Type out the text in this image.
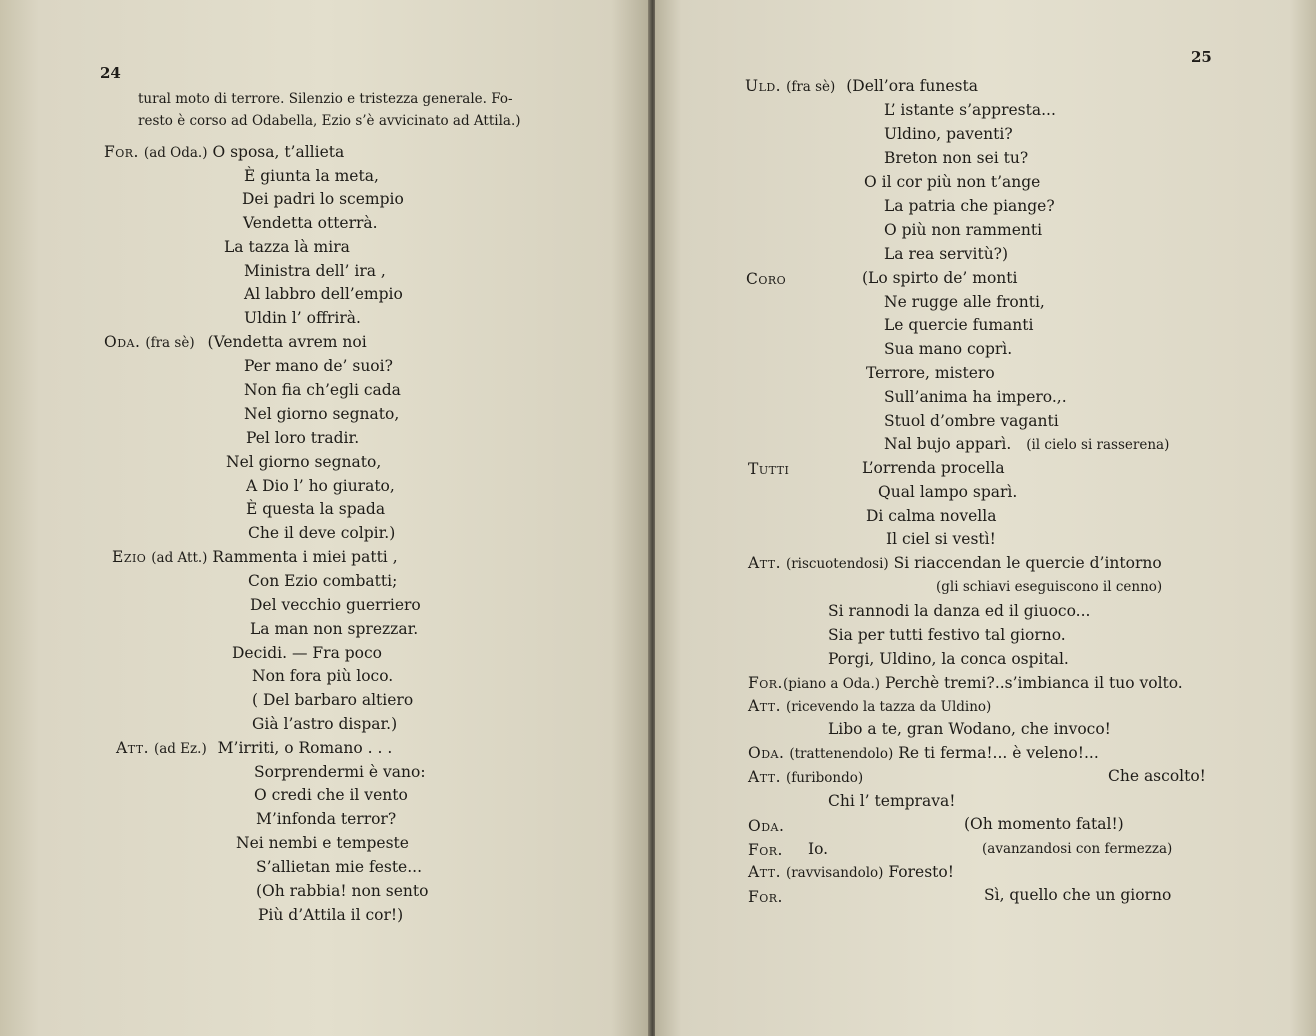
24
tural moto di terrore. Silenzio e tristezza generale. Fo-
resto è corso ad Odabella, Ezio s’è avvicinato ad Attila.)
For. (ad Oda.) O sposa, t’allieta
È giunta la meta,
Dei padri lo scempio
Vendetta otterrà.
La tazza là mira
Ministra dell’ ira ,
Al labbro dell’empio
Uldin l’ offrirà.
Oda. (fra sè) (Vendetta avrem noi
Per mano de’ suoi?
Non fia ch’egli cada
Nel giorno segnato,
Pel loro tradir.
Nel giorno segnato,
A Dio l’ ho giurato,
È questa la spada
Che il deve colpir.)
Ezio (ad Att.) Rammenta i miei patti ,
Con Ezio combatti;
Del vecchio guerriero
La man non sprezzar.
Decidi. — Fra poco
Non fora più loco.
( Del barbaro altiero
Già l’astro dispar.)
Att. (ad Ez.) M’irriti, o Romano . . .
Sorprendermi è vano:
O credi che il vento
M’infonda terror?
Nei nembi e tempeste
S’allietan mie feste...
(Oh rabbia! non sento
Più d’Attila il cor!)
25
Uld. (fra sè) (Dell’ora funesta
L’ istante s’appresta...
Uldino, paventi?
Breton non sei tu?
O il cor più non t’ange
La patria che piange?
O più non rammenti
La rea servitù?)
Coro	(Lo spirto de’ monti
Ne rugge alle fronti,
Le quercie fumanti
Sua mano coprì.
Terrore, mistero
Sull’anima ha impero.,.
Stuol d’ombre vaganti
Nal bujo apparì. (il cielo si rasserena)
Tutti	L’orrenda procella
Qual lampo sparì.
Di calma novella
Il ciel si vestì!
Att. (riscuotendosi) Si riaccendan le quercie d’intorno
(gli schiavi eseguiscono il cenno)
Si rannodi la danza ed il giuoco...
Sia per tutti festivo tal giorno.
Porgi, Uldino, la conca ospital.
For.(piano a Oda.) Perchè tremi?..s’imbianca il tuo volto.
Att. (ricevendo la tazza da Uldino)
Libo a te, gran Wodano, che invoco!
Oda. (trattenendolo) Re ti ferma!... è veleno!...
Att. (furibondo)	Che ascolto!
Chi l’ temprava!
Oda.	(Oh momento fatal!)
For. Io.	(avanzandosi con fermezza)
Att. (ravvisandolo) Foresto!
For.	Sì, quello che un giorno
